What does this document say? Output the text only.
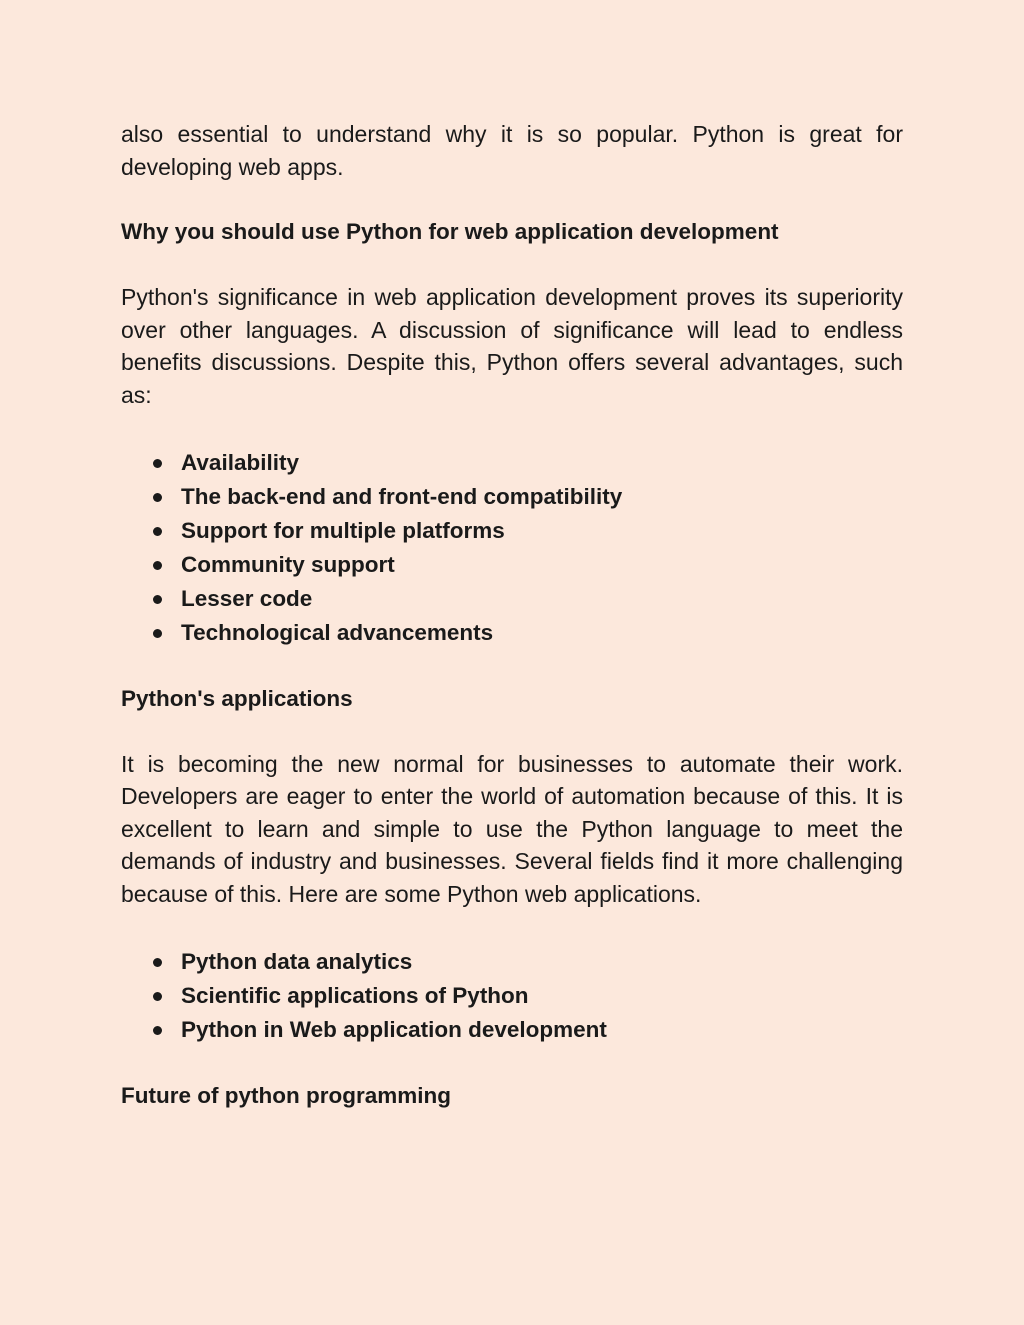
also essential to understand why it is so popular. Python is great for developing web apps.

Why you should use Python for web application development

Python's significance in web application development proves its superiority over other languages. A discussion of significance will lead to endless benefits discussions. Despite this, Python offers several advantages, such as:

Availability
The back-end and front-end compatibility
Support for multiple platforms
Community support
Lesser code
Technological advancements
Python's applications

It is becoming the new normal for businesses to automate their work. Developers are eager to enter the world of automation because of this. It is excellent to learn and simple to use the Python language to meet the demands of industry and businesses. Several fields find it more challenging because of this. Here are some Python web applications.

Python data analytics
Scientific applications of Python
Python in Web application development
Future of python programming
